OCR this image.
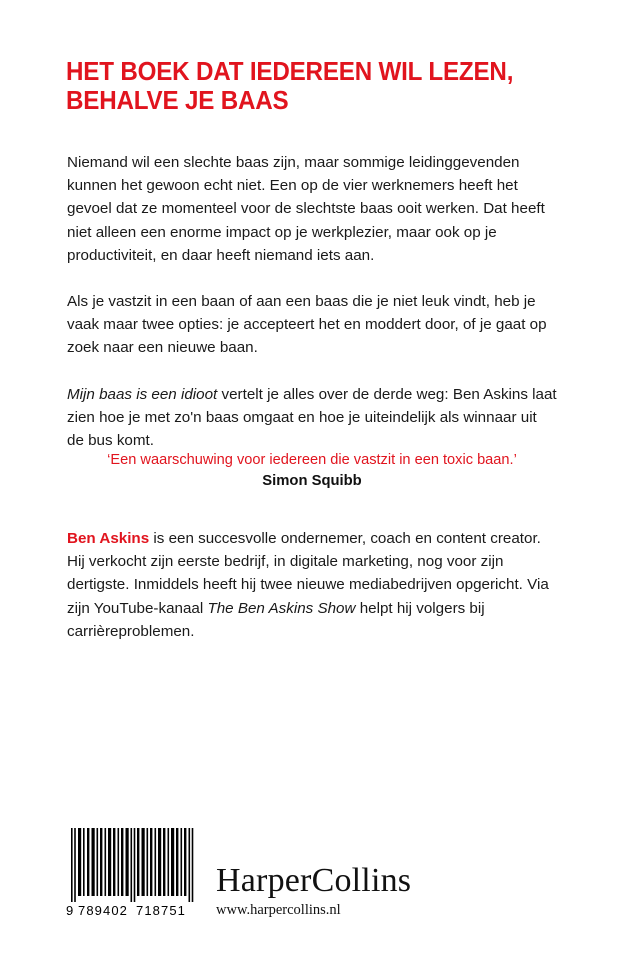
HET BOEK DAT IEDEREEN WIL LEZEN,
BEHALVE JE BAAS

Niemand wil een slechte baas zijn, maar sommige leidinggevenden kunnen het gewoon echt niet. Een op de vier werknemers heeft het gevoel dat ze momenteel voor de slechtste baas ooit werken. Dat heeft niet alleen een enorme impact op je werkplezier, maar ook op je productiviteit, en daar heeft niemand iets aan.

Als je vastzit in een baan of aan een baas die je niet leuk vindt, heb je vaak maar twee opties: je accepteert het en moddert door, of je gaat op zoek naar een nieuwe baan.

Mijn baas is een idioot vertelt je alles over de derde weg: Ben Askins laat zien hoe je met zo'n baas omgaat en hoe je uiteindelijk als winnaar uit de bus komt.

‘Een waarschuwing voor iedereen die vastzit in een toxic baan.’
Simon Squibb
Ben Askins is een succesvolle ondernemer, coach en content creator. Hij verkocht zijn eerste bedrijf, in digitale marketing, nog voor zijn dertigste. Inmiddels heeft hij twee nieuwe mediabedrijven opgericht. Via zijn YouTube-kanaal The Ben Askins Show helpt hij volgers bij carrièreproblemen.
9 789402 718751
HarperCollins
www.harpercollins.nl
